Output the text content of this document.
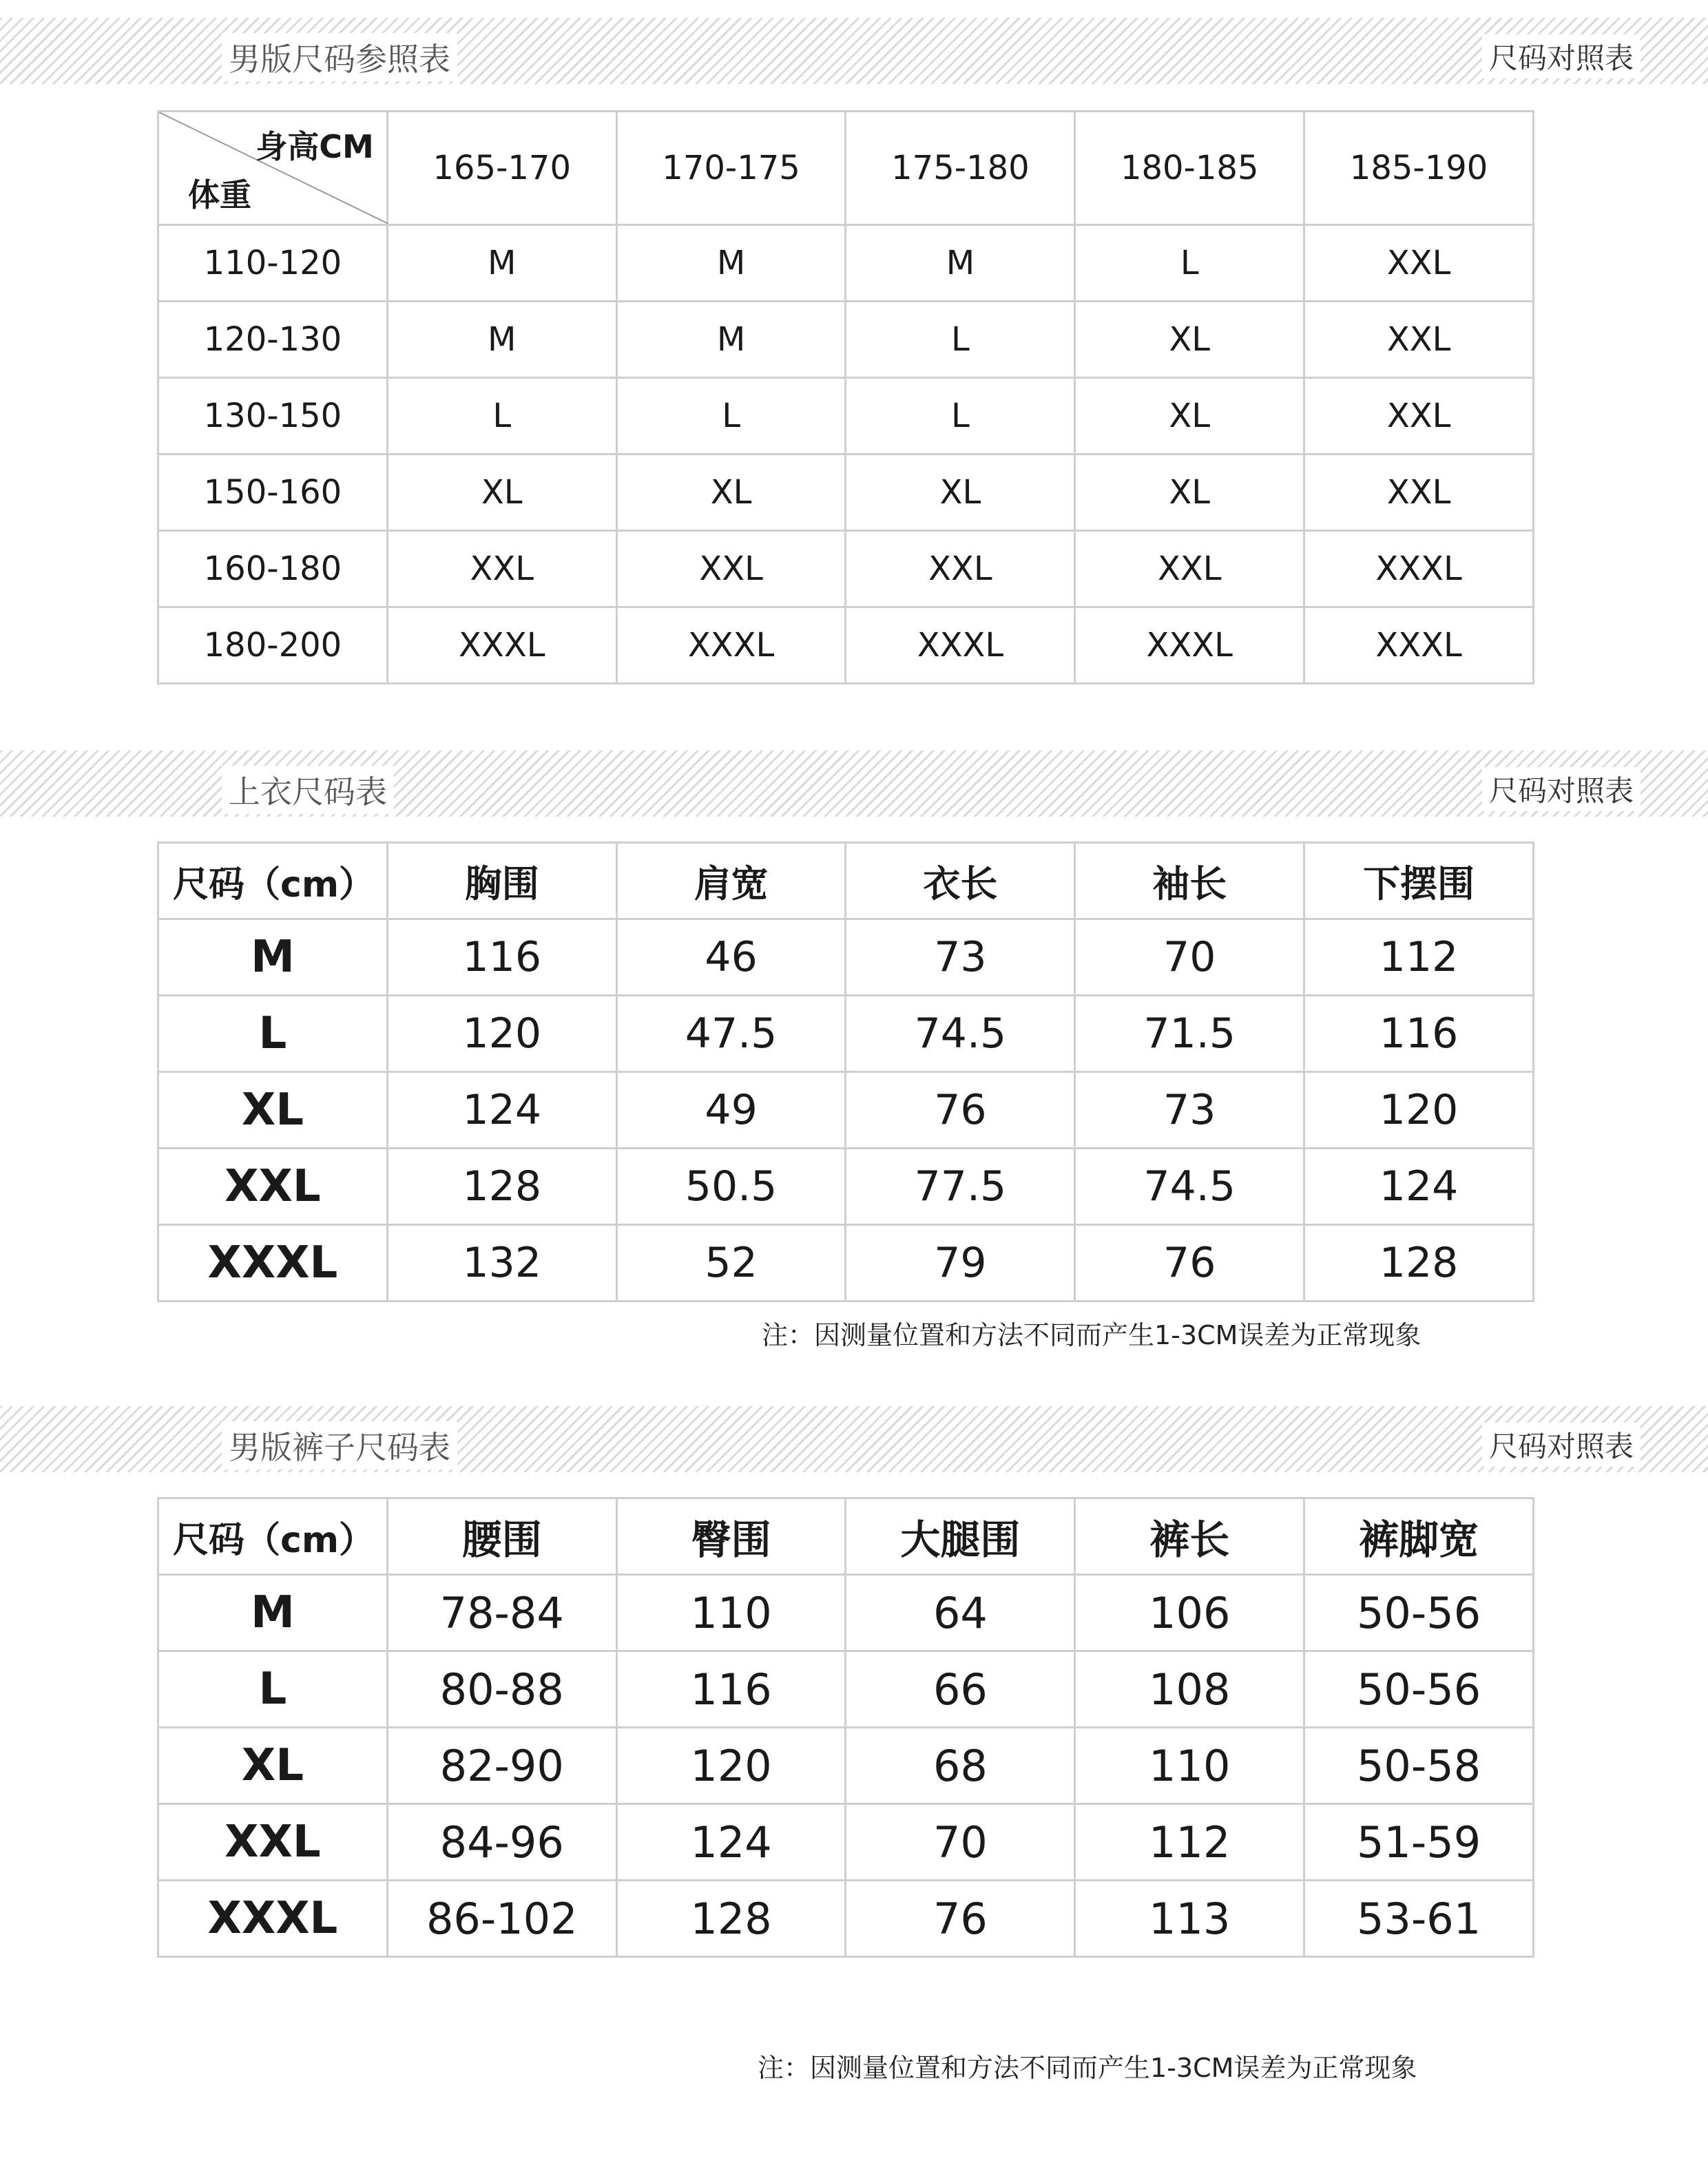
男版尺码参照表	尺码对照表
身高CM
体重	165-170	170-175	175-180	180-185	185-190
110-120	M	M	M	L	XXL
120-130	M	M	L	XL	XXL
130-150	L	L	L	XL	XXL
150-160	XL	XL	XL	XL	XXL
160-180	XXL	XXL	XXL	XXL	XXXL
180-200	XXXL	XXXL	XXXL	XXXL	XXXL
上衣尺码表	尺码对照表
尺码（cm）	胸围	肩宽	衣长	袖长	下摆围
M	116	46	73	70	112
L	120	47.5	74.5	71.5	116
XL	124	49	76	73	120
XXL	128	50.5	77.5	74.5	124
XXXL	132	52	79	76	128
注：因测量位置和方法不同而产生1-3CM误差为正常现象
男版裤子尺码表	尺码对照表
尺码（cm）	腰围	臀围	大腿围	裤长	裤脚宽
M	78-84	110	64	106	50-56
L	80-88	116	66	108	50-56
XL	82-90	120	68	110	50-58
XXL	84-96	124	70	112	51-59
XXXL	86-102	128	76	113	53-61
注：因测量位置和方法不同而产生1-3CM误差为正常现象
